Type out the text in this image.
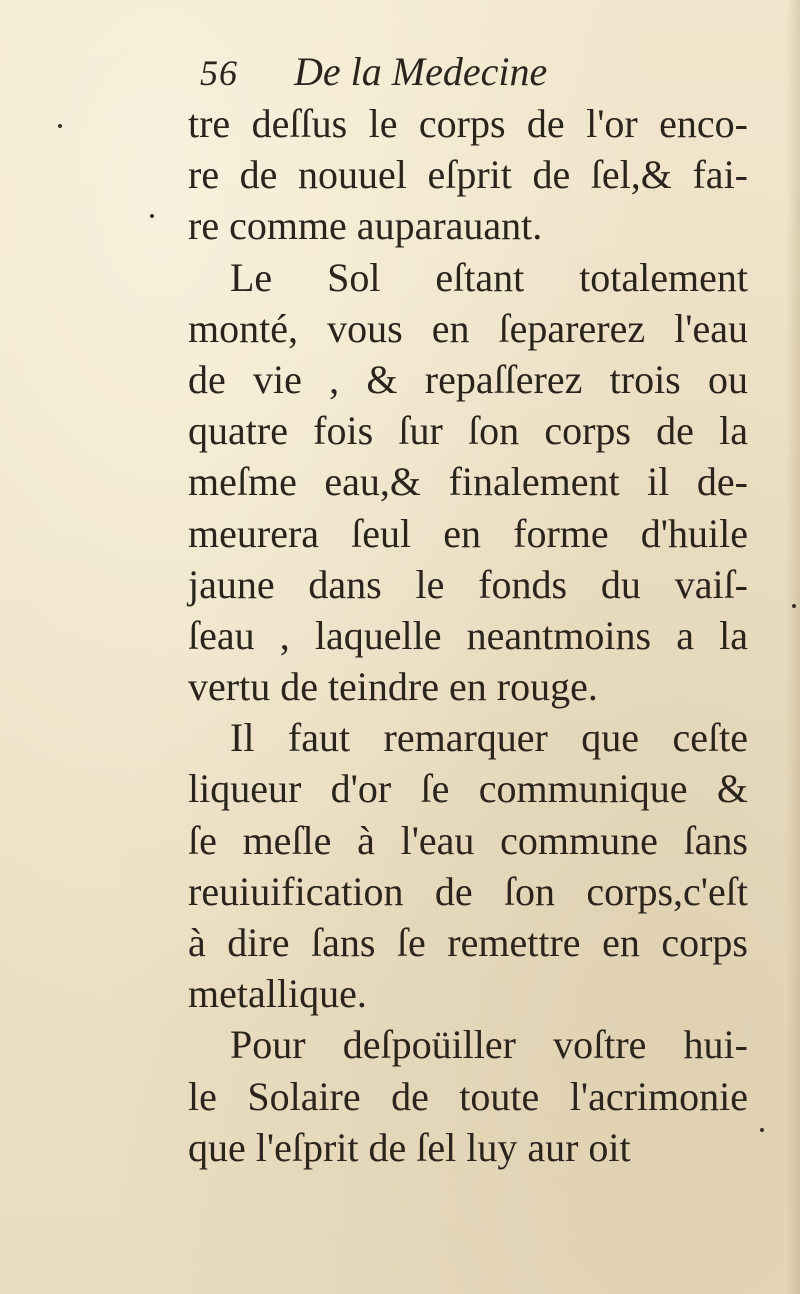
56 De la Medecine
tre deſſus le corps de l'or enco-
re de nouuel eſprit de ſel,& fai-
re comme auparauant.
Le Sol eſtant totalement
monté, vous en ſeparerez l'eau
de vie , & repaſſerez trois ou
quatre fois ſur ſon corps de la
meſme eau,& finalement il de-
meurera ſeul en forme d'huile
jaune dans le fonds du vaiſ-
ſeau , laquelle neantmoins a la
vertu de teindre en rouge.
Il faut remarquer que ceſte
liqueur d'or ſe communique &
ſe meſle à l'eau commune ſans
reuiuification de ſon corps,c'eſt
à dire ſans ſe remettre en corps
metallique.
Pour deſpoüiller voſtre hui-
le Solaire de toute l'acrimonie
que l'eſprit de ſel luy aur oit
